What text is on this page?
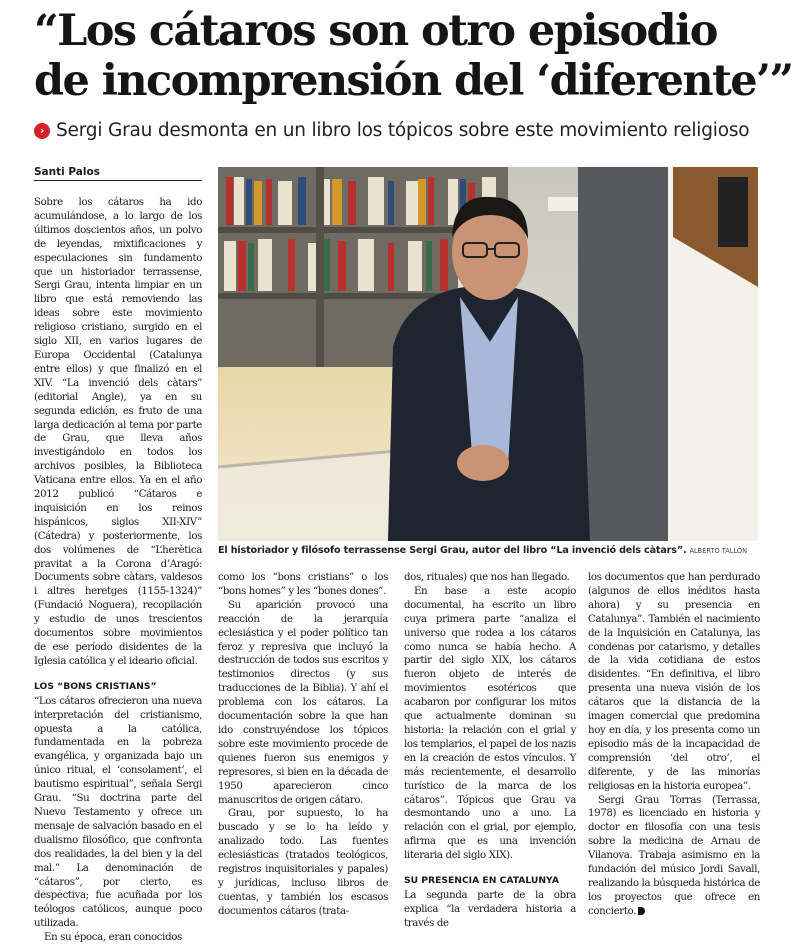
“Los cátaros son otro episodio
de incomprensión del ‘diferente’”
› Sergi Grau desmonta en un libro los tópicos sobre este movimiento religioso
Santi Palos
El historiador y filósofo terrassense Sergi Grau, autor del libro “La invenció dels càtars”. ALBERTO TALLÓN

Sobre los cátaros ha ido acumulándose, a lo largo de los últimos doscientos años, un polvo de leyendas, mixtificaciones y especulaciones sin fundamento que un historiador terrassense, Sergi Grau, intenta limpiar en un libro que está removiendo las ideas sobre este movimiento religioso cristiano, surgido en el siglo XII, en varios lugares de Europa Occidental (Catalunya entre ellos) y que finalizó en el XIV. “La invenció dels càtars” (editorial Angle), ya en su segunda edición, es fruto de una larga dedicación al tema por parte de Grau, que lleva años investigándolo en todos los archivos posibles, la Biblioteca Vaticana entre ellos. Ya en el año 2012 publicó “Cátaros e inquisición en los reinos hispánicos, siglos XII-XIV” (Cátedra) y posteriormente, los dos volúmenes de “L’herètica pravitat a la Corona d’Aragó: Documents sobre càtars, valdesos i altres heretges (1155-1324)” (Fundació Noguera), recopilación y estudio de unos trescientos documentos sobre movimientos de ese período disidentes de la Iglesia católica y el ideario oficial.

LOS “BONS CRISTIANS”

“Los cátaros ofrecieron una nueva interpretación del cristianismo, opuesta a la católica, fundamentada en la pobreza evangélica, y organizada bajo un único ritual, el ‘consolament’, el bautismo espiritual”, señala Sergi Grau. “Su doctrina parte del Nuevo Testamento y ofrece un mensaje de salvación basado en el dualismo filosófico, que confronta dos realidades, la del bien y la del mal.” La denominación de “cátaros”, por cierto, es despectiva; fue acuñada por los teólogos católicos, aunque poco utilizada.

En su época, eran conocidos

como los “bons cristians” o los “bons homes” y les “bones dones”.

Su aparición provocó una reacción de la jerarquía eclesiástica y el poder político tan feroz y represiva que incluyó la destrucción de todos sus escritos y testimonios directos (y sus traducciones de la Biblia). Y ahí el problema con los cátaros. La documentación sobre la que han ido construyéndose los tópicos sobre este movimiento procede de quienes fueron sus enemigos y represores, si bien en la década de 1950 aparecieron cinco manuscritos de origen cátaro.

Grau, por supuesto, lo ha buscado y se lo ha leído y analizado todo. Las fuentes eclesiásticas (tratados teológicos, registros inquisitoriales y papales) y jurídicas, incluso libros de cuentas, y también los escasos documentos cátaros (trata-

dos, rituales) que nos han llegado.

En base a este acopio documental, ha escrito un libro cuya primera parte “analiza el universo que rodea a los cátaros como nunca se había hecho. A partir del siglo XIX, los cátaros fueron objeto de interés de movimientos esotéricos que acabaron por configurar los mitos que actualmente dominan su historia: la relación con el grial y los templarios, el papel de los nazis en la creación de estos vínculos. Y más recientemente, el desarrollo turístico de la marca de los cátaros”. Tópicos que Grau va desmontando uno a uno. La relación con el grial, por ejemplo, afirma que es una invención literaria del siglo XIX).

SU PRESENCIA EN CATALUNYA

La segunda parte de la obra explica “la verdadera historia a través de

los documentos que han perdurado (algunos de ellos inéditos hasta ahora) y su presencia en Catalunya”. También el nacimiento de la Inquisición en Catalunya, las condenas por catarismo, y detalles de la vida cotidiana de estos disidentes. “En definitiva, el libro presenta una nueva visión de los cátaros que la distancia de la imagen comercial que predomina hoy en día, y los presenta como un episodio más de la incapacidad de comprensión ‘del otro’, el diferente, y de las minorías religiosas en la historia europea”.

Sergi Grau Torras (Terrassa, 1978) es licenciado en historia y doctor en filosofía con una tesis sobre la medicina de Arnau de Vilanova. Trabaja asimismo en la fundación del músico Jordi Savall, realizando la búsqueda histórica de los proyectos que ofrece en concierto.
